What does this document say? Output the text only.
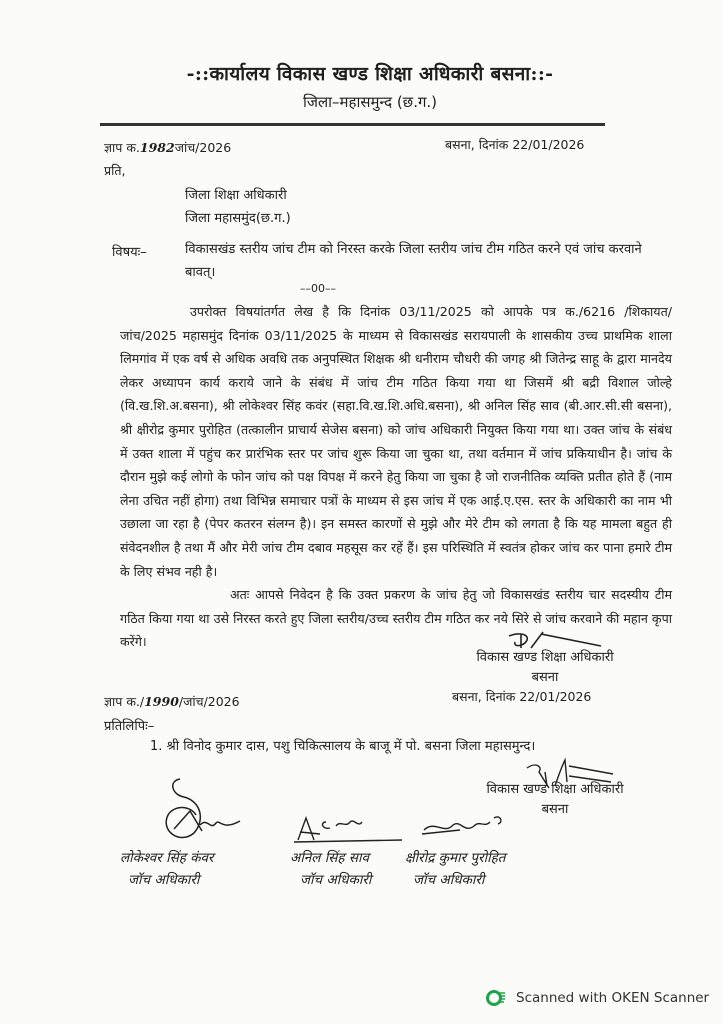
-::कार्यालय विकास खण्ड शिक्षा अधिकारी बसना::-
जिला–महासमुन्द (छ.ग.)
ज्ञाप क.1982जांच/2026	बसना, दिनांक 22/01/2026
प्रति,
जिला शिक्षा अधिकारी
जिला महासमुंद(छ.ग.)
विषयः–	विकासखंड स्तरीय जांच टीम को निरस्त करके जिला स्तरीय जांच टीम गठित करने एवं जांच करवाने बावत्।
––00––

उपरोक्त विषयांतर्गत लेख है कि दिनांक 03/11/2025 को आपके पत्र क./6216 /शिकायत/जांच/2025 महासमुंद दिनांक 03/11/2025 के माध्यम से विकासखंड सरायपाली के शासकीय उच्च प्राथमिक शाला लिमगांव में एक वर्ष से अधिक अवधि तक अनुपस्थित शिक्षक श्री धनीराम चौधरी की जगह श्री जितेन्द्र साहू के द्वारा मानदेय लेकर अध्यापन कार्य कराये जाने के संबंध में जांच टीम गठित किया गया था जिसमें श्री बद्री विशाल जोल्हे (वि.ख.शि.अ.बसना), श्री लोकेश्वर सिंह कवंर (सहा.वि.ख.शि.अधि.बसना), श्री अनिल सिंह साव (बी.आर.सी.सी बसना), श्री क्षीरोद्र कुमार पुरोहित (तत्कालीन प्राचार्य सेजेस बसना) को जांच अधिकारी नियुक्त किया गया था। उक्त जांच के संबंध में उक्त शाला में पहुंच कर प्रारंभिक स्तर पर जांच शुरू किया जा चुका था, तथा वर्तमान में जांच प्रकियाधीन है। जांच के दौरान मुझे कई लोगो के फोन जांच को पक्ष विपक्ष में करने हेतु किया जा चुका है जो राजनीतिक व्यक्ति प्रतीत होते हैं (नाम लेना उचित नहीं होगा) तथा विभिन्न समाचार पत्रों के माध्यम से इस जांच में एक आई.ए.एस. स्तर के अधिकारी का नाम भी उछाला जा रहा है (पेपर कतरन संलग्न है)। इन समस्त कारणों से मुझे और मेरे टीम को लगता है कि यह मामला बहुत ही संवेदनशील है तथा मैं और मेरी जांच टीम दबाव महसूस कर रहें हैं। इस परिस्थिति में स्वतंत्र होकर जांच कर पाना हमारे टीम के लिए संभव नही है।

अतः आपसे निवेदन है कि उक्त प्रकरण के जांच हेतु जो विकासखंड स्तरीय चार सदस्यीय टीम गठित किया गया था उसे निरस्त करते हुए जिला स्तरीय/उच्च स्तरीय टीम गठित कर नये सिरे से जांच करवाने की महान कृपा करेंगे।

विकास खण्ड शिक्षा अधिकारी
बसना
ज्ञाप क./1990/जांच/2026	बसना, दिनांक 22/01/2026
प्रतिलिपिः–
1. श्री विनोद कुमार दास, पशु चिकित्सालय के बाजू में पो. बसना जिला महासमुन्द।
विकास खण्ड शिक्षा अधिकारी
बसना
लोकेश्वर सिंह कंवर
जॉच अधिकारी
अनिल सिंह साव
जॉच अधिकारी
क्षीरोद्र कुमार पुरोहित
जॉच अधिकारी
Scanned with OKEN Scanner
